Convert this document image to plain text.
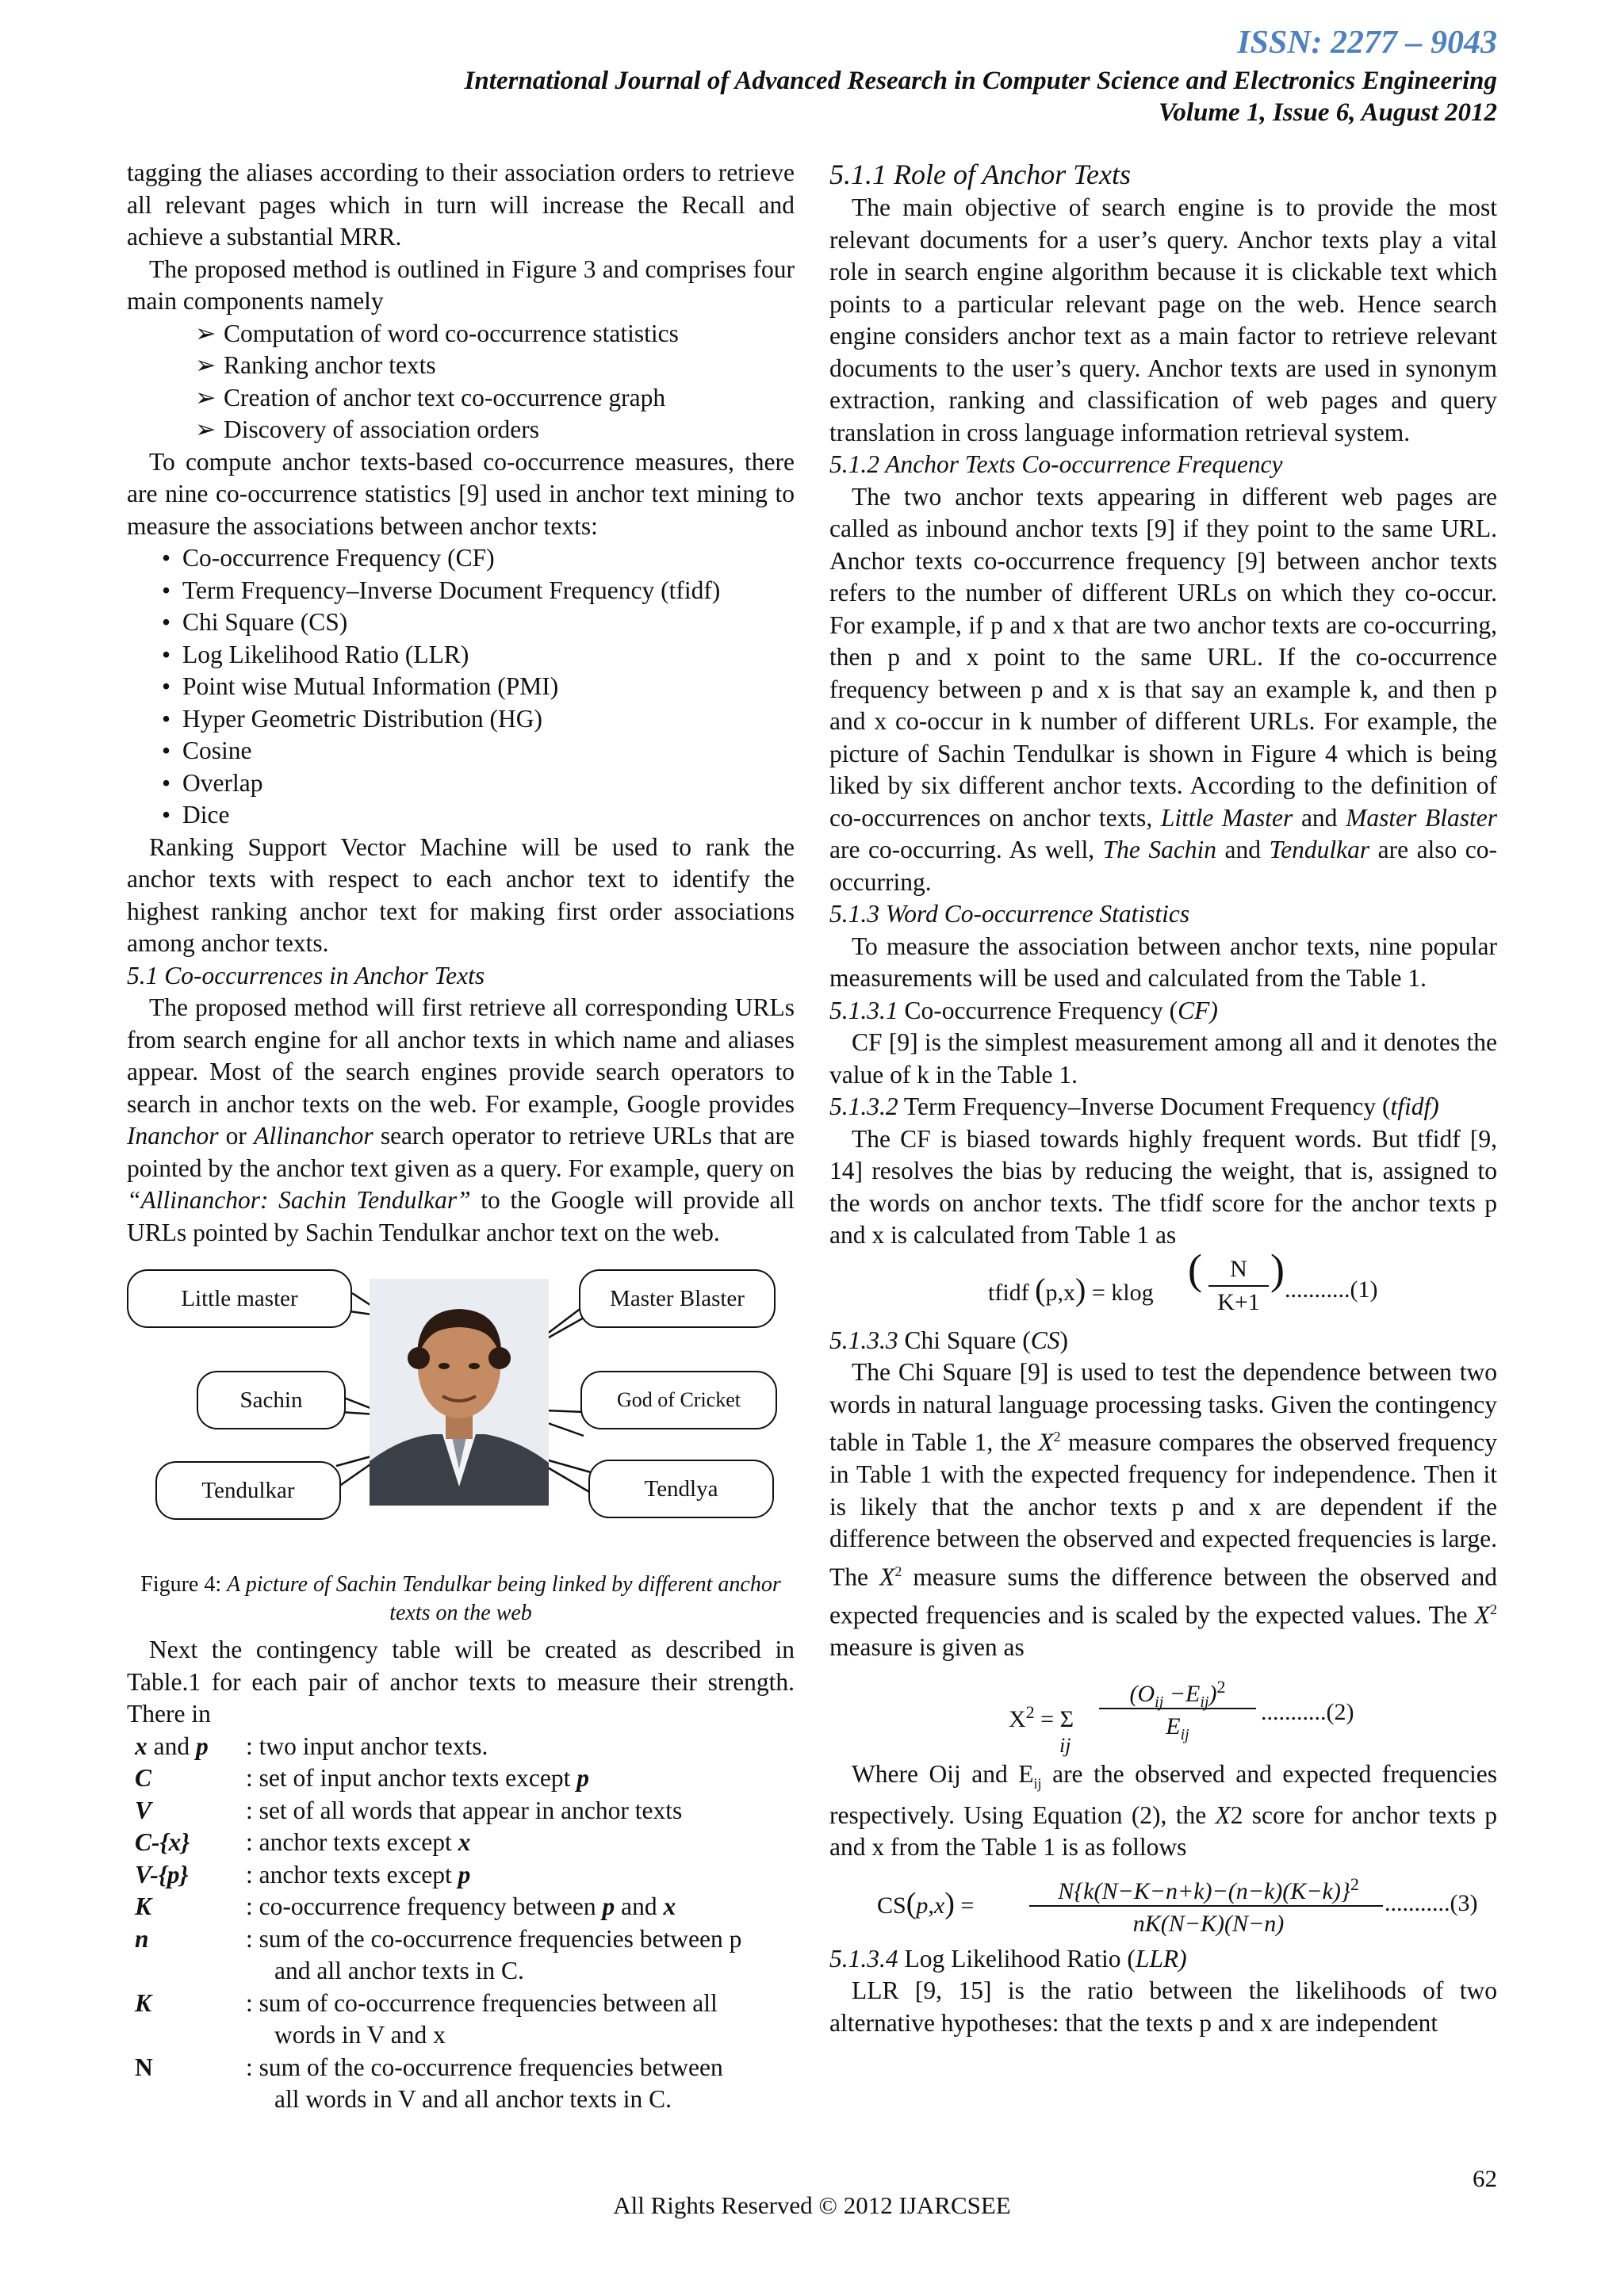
ISSN: 2277 – 9043
International Journal of Advanced Research in Computer Science and Electronics Engineering
Volume 1, Issue 6, August 2012

tagging the aliases according to their association orders to retrieve all relevant pages which in turn will increase the Recall and achieve a substantial MRR.

The proposed method is outlined in Figure 3 and comprises four main components namely

➢ Computation of word co-occurrence statistics
➢ Ranking anchor texts
➢ Creation of anchor text co-occurrence graph
➢ Discovery of association orders

To compute anchor texts-based co-occurrence measures, there are nine co-occurrence statistics [9] used in anchor text mining to measure the associations between anchor texts:

• Co-occurrence Frequency (CF)
• Term Frequency–Inverse Document Frequency (tfidf)
• Chi Square (CS)
• Log Likelihood Ratio (LLR)
• Point wise Mutual Information (PMI)
• Hyper Geometric Distribution (HG)
• Cosine
• Overlap
• Dice

Ranking Support Vector Machine will be used to rank the anchor texts with respect to each anchor text to identify the highest ranking anchor text for making first order associations among anchor texts.

5.1 Co-occurrences in Anchor Texts

The proposed method will first retrieve all corresponding URLs from search engine for all anchor texts in which name and aliases appear. Most of the search engines provide search operators to search in anchor texts on the web. For example, Google provides Inanchor or Allinanchor search operator to retrieve URLs that are pointed by the anchor text given as a query. For example, query on “Allinanchor: Sachin Tendulkar” to the Google will provide all URLs pointed by Sachin Tendulkar anchor text on the web.

Little master	Master Blaster
Sachin	God of Cricket
Tendulkar	Tendlya

Figure 4: A picture of Sachin Tendulkar being linked by different anchor texts on the web

Next the contingency table will be created as described in Table.1 for each pair of anchor texts to measure their strength. There in

x and p	: two input anchor texts.
C	: set of input anchor texts except p
V	: set of all words that appear in anchor texts
C-{x}	: anchor texts except x
V-{p}	: anchor texts except p
K	: co-occurrence frequency between p and x
n	: sum of the co-occurrence frequencies between p
and all anchor texts in C.
K	: sum of co-occurrence frequencies between all
words in V and x
N	: sum of the co-occurrence frequencies between
all words in V and all anchor texts in C.

5.1.1 Role of Anchor Texts

The main objective of search engine is to provide the most relevant documents for a user’s query. Anchor texts play a vital role in search engine algorithm because it is clickable text which points to a particular relevant page on the web. Hence search engine considers anchor text as a main factor to retrieve relevant documents to the user’s query. Anchor texts are used in synonym extraction, ranking and classification of web pages and query translation in cross language information retrieval system.

5.1.2 Anchor Texts Co-occurrence Frequency

The two anchor texts appearing in different web pages are called as inbound anchor texts [9] if they point to the same URL. Anchor texts co-occurrence frequency [9] between anchor texts refers to the number of different URLs on which they co-occur. For example, if p and x that are two anchor texts are co-occurring, then p and x point to the same URL. If the co-occurrence frequency between p and x is that say an example k, and then p and x co-occur in k number of different URLs. For example, the picture of Sachin Tendulkar is shown in Figure 4 which is being liked by six different anchor texts. According to the definition of co-occurrences on anchor texts, Little Master and Master Blaster are co-occurring. As well, The Sachin and Tendulkar are also co-occurring.

5.1.3 Word Co-occurrence Statistics

To measure the association between anchor texts, nine popular measurements will be used and calculated from the Table 1.

5.1.3.1 Co-occurrence Frequency (CF)

CF [9] is the simplest measurement among all and it denotes the value of k in the Table 1.

5.1.3.2 Term Frequency–Inverse Document Frequency (tfidf)

The CF is biased towards highly frequent words. But tfidf [9, 14] resolves the bias by reducing the weight, that is, assigned to the words on anchor texts. The tfidf score for the anchor texts p and x is calculated from Table 1 as

tfidf (p,x) = klog (	N
K+1
) ...........(1)

5.1.3.3 Chi Square (CS)

The Chi Square [9] is used to test the dependence between two words in natural language processing tasks. Given the contingency table in Table 1, the $X^2$ measure compares the observed frequency in Table 1 with the expected frequency for independence. Then it is likely that the anchor texts p and x are dependent if the difference between the observed and expected frequencies is large. The $X^2$ measure sums the difference between the observed and expected frequencies and is scaled by the expected values. The $X^2$ measure is given as

$X^2 = \Sigma$
ij
$(O_{ij} -E_{ij})^2$
$E_{ij}$
...........(2)

Where Oij and $E_{ij}$ are the observed and expected frequencies respectively. Using Equation (2), the X2 score for anchor texts p and x from the Table 1 is as follows

CS(p,x) =
$N\{k(N-K-n+k)-(n-k)(K-k)\}^2$
nK(N−K)(N−n)
...........(3)

5.1.3.4 Log Likelihood Ratio (LLR)

LLR [9, 15] is the ratio between the likelihoods of two alternative hypotheses: that the texts p and x are independent

62
All Rights Reserved © 2012 IJARCSEE
